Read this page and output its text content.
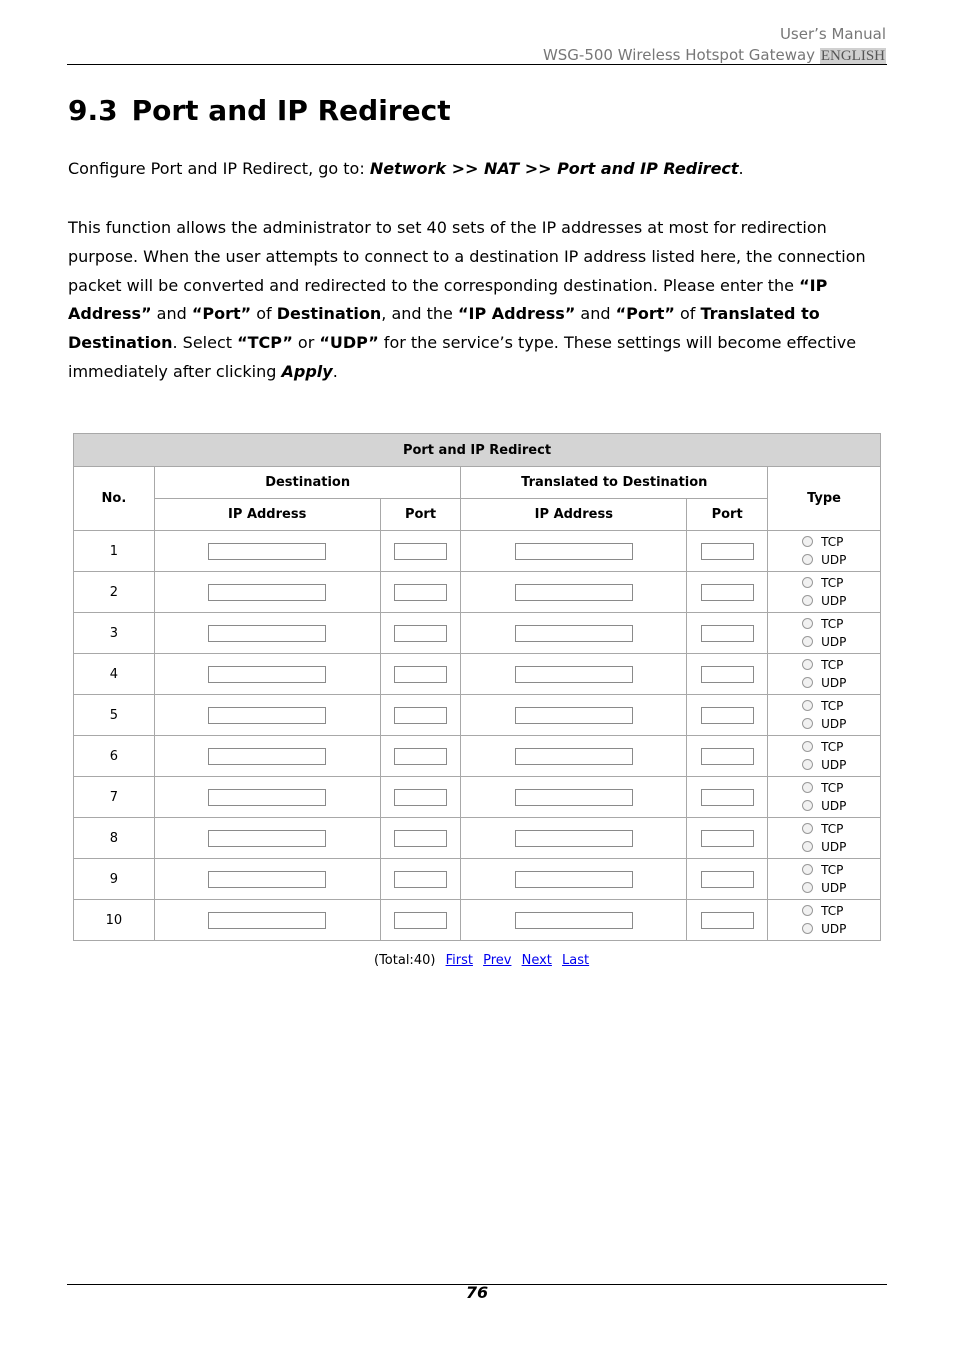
User’s Manual
WSG-500 Wireless Hotspot Gateway ENGLISH
9.3 Port and IP Redirect

Configure Port and IP Redirect, go to: Network >> NAT >> Port and IP Redirect.

This function allows the administrator to set 40 sets of the IP addresses at most for redirection purpose. When the user attempts to connect to a destination IP address listed here, the connection packet will be converted and redirected to the corresponding destination. Please enter the “IP Address” and “Port” of Destination, and the “IP Address” and “Port” of Translated to Destination. Select “TCP” or “UDP” for the service’s type. These settings will become effective immediately after clicking Apply.

Port and IP Redirect					
No.	Destination		Translated to Destination		Type
	IP Address	Port	IP Address	Port	
1					TCP
UDP

2					TCP
UDP

3					TCP
UDP

4					TCP
UDP

5					TCP
UDP

6					TCP
UDP

7					TCP
UDP

8					TCP
UDP

9					TCP
UDP

10					TCP
UDP
(Total:40) First Prev Next Last
76
